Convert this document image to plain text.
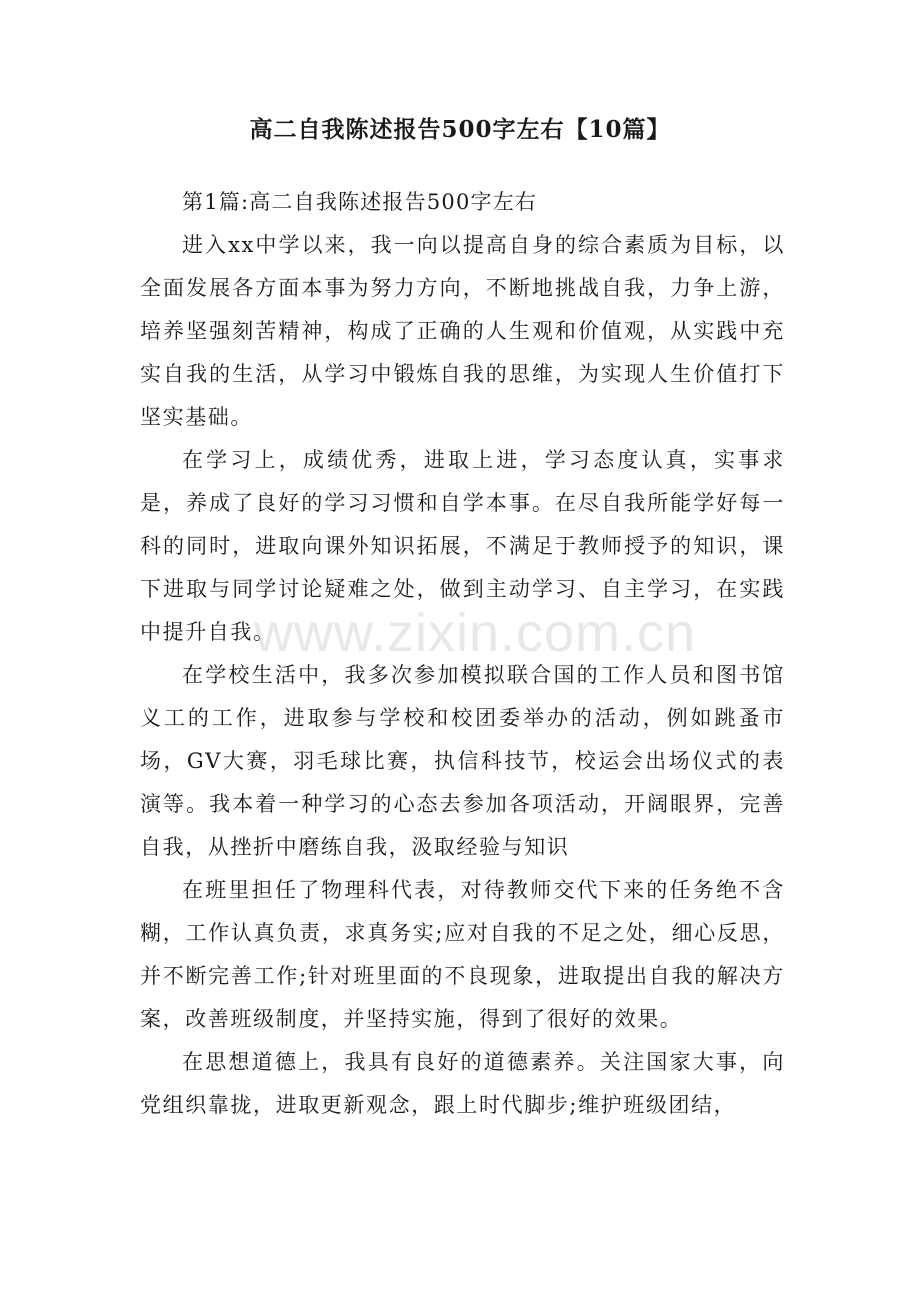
高二自我陈述报告500字左右【10篇】

第1篇:高二自我陈述报告500字左右

进入xx中学以来，我一向以提高自身的综合素质为目标，以全面发展各方面本事为努力方向，不断地挑战自我，力争上游，培养坚强刻苦精神，构成了正确的人生观和价值观，从实践中充实自我的生活，从学习中锻炼自我的思维，为实现人生价值打下坚实基础。

在学习上，成绩优秀，进取上进，学习态度认真，实事求是，养成了良好的学习习惯和自学本事。在尽自我所能学好每一科的同时，进取向课外知识拓展，不满足于教师授予的知识，课下进取与同学讨论疑难之处，做到主动学习、自主学习，在实践中提升自我。

在学校生活中，我多次参加模拟联合国的工作人员和图书馆义工的工作，进取参与学校和校团委举办的活动，例如跳蚤市场，GV大赛，羽毛球比赛，执信科技节，校运会出场仪式的表演等。我本着一种学习的心态去参加各项活动，开阔眼界，完善自我，从挫折中磨练自我，汲取经验与知识

在班里担任了物理科代表，对待教师交代下来的任务绝不含糊，工作认真负责，求真务实;应对自我的不足之处，细心反思，并不断完善工作;针对班里面的不良现象，进取提出自我的解决方案，改善班级制度，并坚持实施，得到了很好的效果。

在思想道德上，我具有良好的道德素养。关注国家大事，向党组织靠拢，进取更新观念，跟上时代脚步;维护班级团结，

www.zixin.com.cn
